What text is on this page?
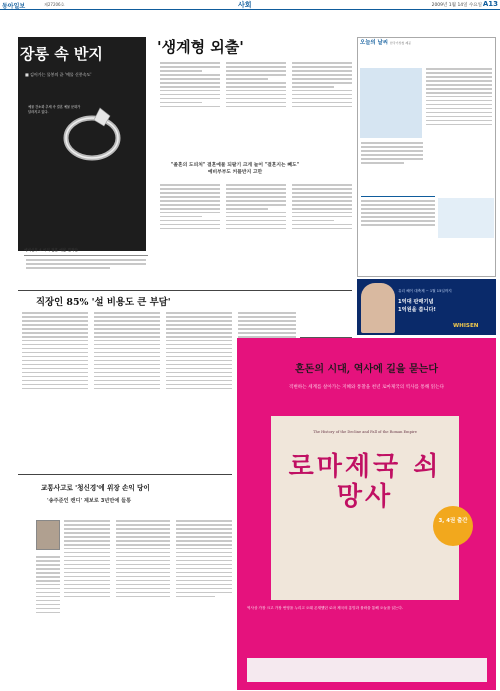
동아일보	제27206호	사회	2009년 1월 14일 수요일 A13
장롱 속 반지
■ 김어가는 물봉의 끝 '예물 신풍속도'
예물 간소화 추세 속 결혼 예물 문화가 달라지고 있다.
예비신부 4 씨의 결혼 예물 견적안
'생계형 외출'
"졸혼의 도피처" 결혼예물 되팔기 크게 늘어 "결혼지는 빼도" 예비부부도 커플반지 고만
직장인 85% '설 비용도 큰 부담'
교통사고로 '청신경'에 위장 손익 당이
'송주준인 캔디' 제보로 3년만에 들통
오늘의 날씨 한국기상청 제공
유리 쌔이 대축제 ~ 1월 15일까지
1억대 판매기념
1억원을 쏩니다!
WHISEN
혼돈의 시대, 역사에 길을 묻는다
격변하는 세계를 살아가는 지혜와 통찰을 천년 로마제국의 역사를 통해 읽는다
The History of the Decline and Fall of the Roman Empire
로마제국 쇠망사
3, 4권 출간
역사상 가장 크고 가장 번영을 누리고 오래 존재했던 로마 제국의 흥망과 몰락을 통해 오늘을 읽는다.
